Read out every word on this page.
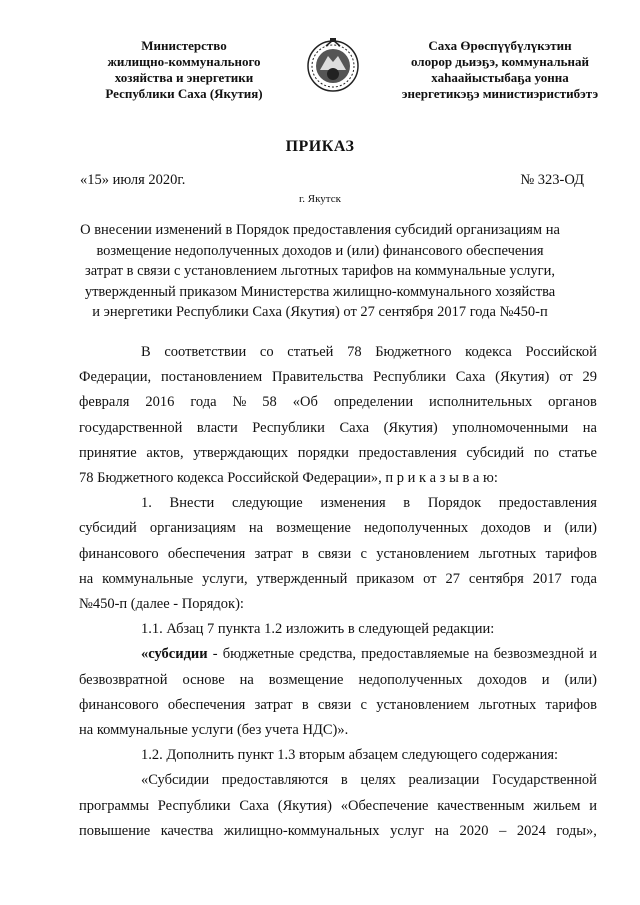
Министерство
жилищно-коммунального
хозяйства и энергетики
Республики Саха (Якутия)
Саха Өрөспүүбүлүкэтин
олорор дьиэҕэ, коммунальнай
хаһаайыстыбаҕа уонна
энергетикэҕэ министиэристибэтэ
ПРИКАЗ
«15» июля 2020г.	№ 323-ОД
г. Якутск
О внесении изменений в Порядок предоставления субсидий организациям на
возмещение недополученных доходов и (или) финансового обеспечения
затрат в связи с установлением льготных тарифов на коммунальные услуги,
утвержденный приказом Министерства жилищно-коммунального хозяйства
и энергетики Республики Саха (Якутия) от 27 сентября 2017 года №450-п
В соответствии со статьей 78 Бюджетного кодекса Российской
Федерации, постановлением Правительства Республики Саха (Якутия) от 29
февраля 2016 года № 58 «Об определении исполнительных органов
государственной власти Республики Саха (Якутия) уполномоченными на
принятие актов, утверждающих порядки предоставления субсидий по статье
78 Бюджетного кодекса Российской Федерации», п р и к а з ы в а ю:
1. Внести следующие изменения в Порядок предоставления
субсидий организациям на возмещение недополученных доходов и (или)
финансового обеспечения затрат в связи с установлением льготных тарифов
на коммунальные услуги, утвержденный приказом от 27 сентября 2017 года
№450-п (далее - Порядок):
1.1. Абзац 7 пункта 1.2 изложить в следующей редакции:
«субсидии - бюджетные средства, предоставляемые на безвозмездной и
безвозвратной основе на возмещение недополученных доходов и (или)
финансового обеспечения затрат в связи с установлением льготных тарифов
на коммунальные услуги (без учета НДС)».
1.2. Дополнить пункт 1.3 вторым абзацем следующего содержания:
«Субсидии предоставляются в целях реализации Государственной
программы Республики Саха (Якутия) «Обеспечение качественным жильем и
повышение качества жилищно-коммунальных услуг на 2020 – 2024 годы»,
